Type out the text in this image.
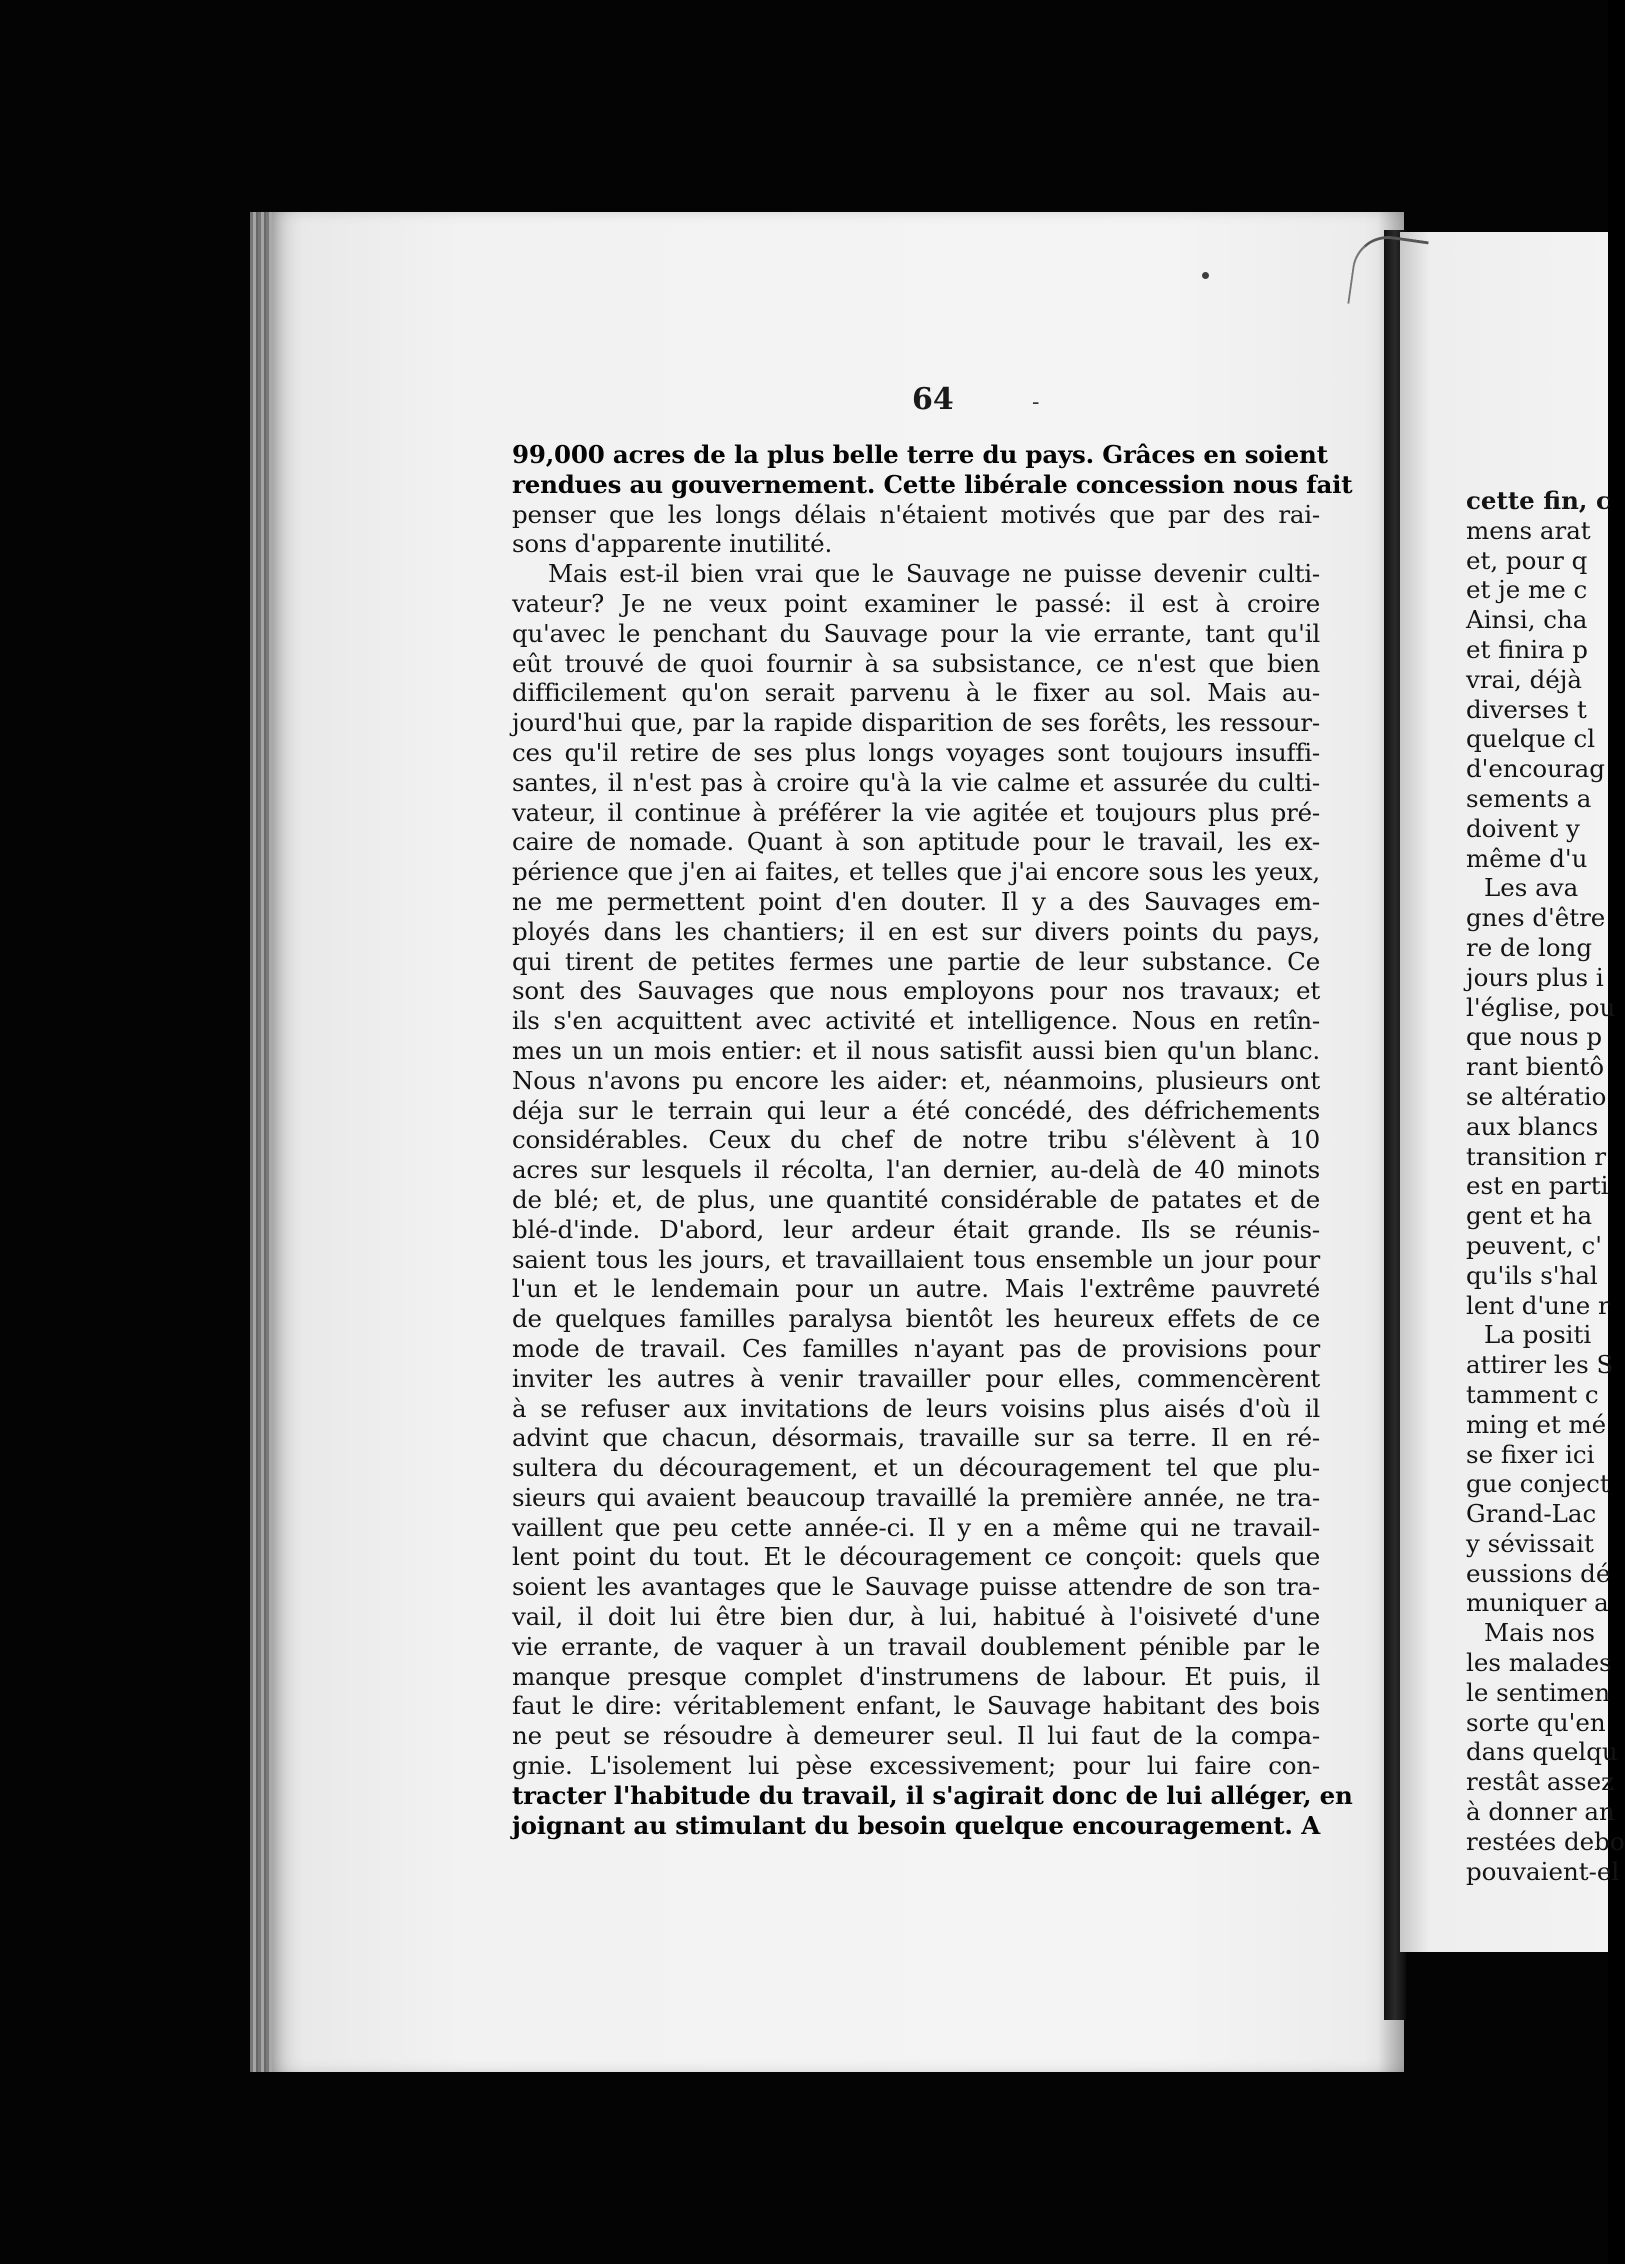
64	-
99,000 acres de la plus belle terre du pays. Grâces en soient
rendues au gouvernement. Cette libérale concession nous fait
penser que les longs délais n'étaient motivés que par des rai-
sons d'apparente inutilité.
Mais est-il bien vrai que le Sauvage ne puisse devenir culti-
vateur? Je ne veux point examiner le passé: il est à croire
qu'avec le penchant du Sauvage pour la vie errante, tant qu'il
eût trouvé de quoi fournir à sa subsistance, ce n'est que bien
difficilement qu'on serait parvenu à le fixer au sol. Mais au-
jourd'hui que, par la rapide disparition de ses forêts, les ressour-
ces qu'il retire de ses plus longs voyages sont toujours insuffi-
santes, il n'est pas à croire qu'à la vie calme et assurée du culti-
vateur, il continue à préférer la vie agitée et toujours plus pré-
caire de nomade. Quant à son aptitude pour le travail, les ex-
périence que j'en ai faites, et telles que j'ai encore sous les yeux,
ne me permettent point d'en douter. Il y a des Sauvages em-
ployés dans les chantiers; il en est sur divers points du pays,
qui tirent de petites fermes une partie de leur substance. Ce
sont des Sauvages que nous employons pour nos travaux; et
ils s'en acquittent avec activité et intelligence. Nous en retîn-
mes un un mois entier: et il nous satisfit aussi bien qu'un blanc.
Nous n'avons pu encore les aider: et, néanmoins, plusieurs ont
déja sur le terrain qui leur a été concédé, des défrichements
considérables. Ceux du chef de notre tribu s'élèvent à 10
acres sur lesquels il récolta, l'an dernier, au-delà de 40 minots
de blé; et, de plus, une quantité considérable de patates et de
blé-d'inde. D'abord, leur ardeur était grande. Ils se réunis-
saient tous les jours, et travaillaient tous ensemble un jour pour
l'un et le lendemain pour un autre. Mais l'extrême pauvreté
de quelques familles paralysa bientôt les heureux effets de ce
mode de travail. Ces familles n'ayant pas de provisions pour
inviter les autres à venir travailler pour elles, commencèrent
à se refuser aux invitations de leurs voisins plus aisés d'où il
advint que chacun, désormais, travaille sur sa terre. Il en ré-
sultera du découragement, et un découragement tel que plu-
sieurs qui avaient beaucoup travaillé la première année, ne tra-
vaillent que peu cette année-ci. Il y en a même qui ne travail-
lent point du tout. Et le découragement ce conçoit: quels que
soient les avantages que le Sauvage puisse attendre de son tra-
vail, il doit lui être bien dur, à lui, habitué à l'oisiveté d'une
vie errante, de vaquer à un travail doublement pénible par le
manque presque complet d'instrumens de labour. Et puis, il
faut le dire: véritablement enfant, le Sauvage habitant des bois
ne peut se résoudre à demeurer seul. Il lui faut de la compa-
gnie. L'isolement lui pèse excessivement; pour lui faire con-
tracter l'habitude du travail, il s'agirait donc de lui alléger, en
joignant au stimulant du besoin quelque encouragement. A
cette fin, c
mens arat
et, pour q
et je me c
Ainsi, cha
et finira p
vrai, déjà
diverses t
quelque cl
d'encourag
sements a
doivent y
même d'u
Les ava
gnes d'être
re de long
jours plus i
l'église, pou
que nous p
rant bientô
se altératio
aux blancs
transition r
est en parti
gent et ha
peuvent, c'
qu'ils s'hal
lent d'une r
La positi
attirer les S
tamment c
ming et mé
se fixer ici
gue conject
Grand-Lac
y sévissait
eussions dé
muniquer a
Mais nos
les malades
le sentimen
sorte qu'en
dans quelqu
restât assez
à donner an
restées debo
pouvaient-el
